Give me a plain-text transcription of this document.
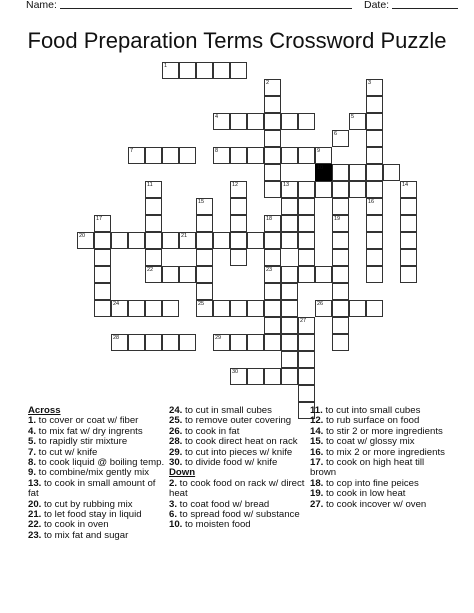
Name:	Date:
Food Preparation Terms Crossword Puzzle
1
2	3
4	5
6
7	8	9
10
11	12	13	14
15	16
17	18	19
20	21
22	23
24	25	26
27
28	29
30
Across
1. to cover or coat w/ fiber
4. to mix fat w/ dry ingrents
5. to rapidly stir mixture
7. to cut w/ knife
8. to cook liquid @ boiling temp.
9. to combine/mix gently mix
13. to cook in small amount of fat
20. to cut by rubbing mix
21. to let food stay in liquid
22. to cook in oven
23. to mix fat and sugar
24. to cut in small cubes
25. to remove outer covering
26. to cook in fat
28. to cook direct heat on rack
29. to cut into pieces w/ knife
30. to divide food w/ knife
Down
2. to cook food on rack w/ direct heat
3. to coat food w/ bread
6. to spread food w/ substance
10. to moisten food
11. to cut into small cubes
12. to rub surface on food
14. to stir 2 or more ingredients
15. to coat w/ glossy mix
16. to mix 2 or more ingredients
17. to cook on high heat till brown
18. to cop into fine peices
19. to cook in low heat
27. to cook incover w/ oven
